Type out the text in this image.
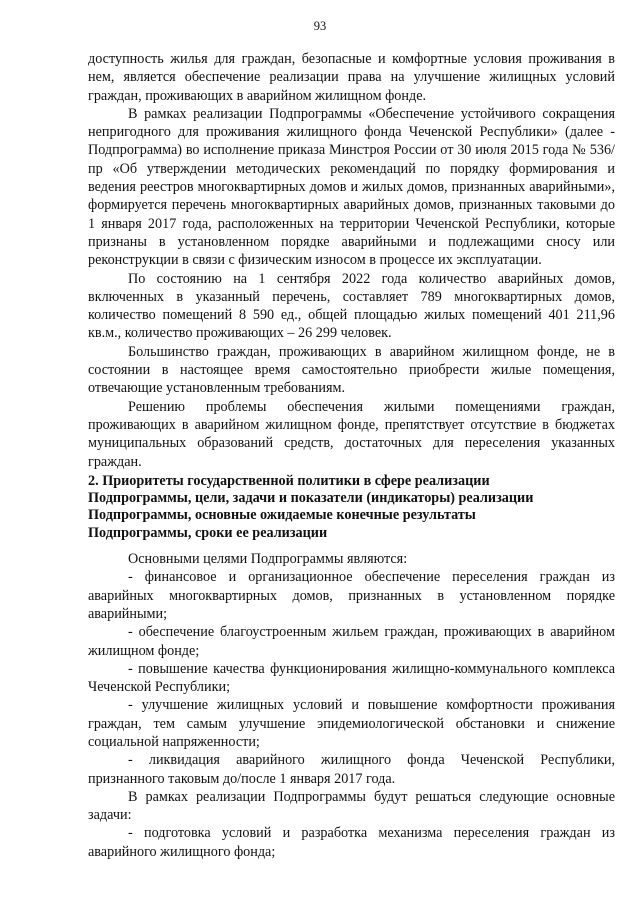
93

доступность жилья для граждан, безопасные и комфортные условия проживания в нем, является обеспечение реализации права на улучшение жилищных условий граждан, проживающих в аварийном жилищном фонде.

В рамках реализации Подпрограммы «Обеспечение устойчивого сокращения непригодного для проживания жилищного фонда Чеченской Республики» (далее - Подпрограмма) во исполнение приказа Минстроя России от 30 июля 2015 года № 536/пр «Об утверждении методических рекомендаций по порядку формирования и ведения реестров многоквартирных домов и жилых домов, признанных аварийными», формируется перечень многоквартирных аварийных домов, признанных таковыми до 1 января 2017 года, расположенных на территории Чеченской Республики, которые признаны в установленном порядке аварийными и подлежащими сносу или реконструкции в связи с физическим износом в процессе их эксплуатации.

По состоянию на 1 сентября 2022 года количество аварийных домов, включенных в указанный перечень, составляет 789 многоквартирных домов, количество помещений 8 590 ед., общей площадью жилых помещений 401 211,96 кв.м., количество проживающих – 26 299 человек.

Большинство граждан, проживающих в аварийном жилищном фонде, не в состоянии в настоящее время самостоятельно приобрести жилые помещения, отвечающие установленным требованиям.

Решению проблемы обеспечения жилыми помещениями граждан, проживающих в аварийном жилищном фонде, препятствует отсутствие в бюджетах муниципальных образований средств, достаточных для переселения указанных граждан.

2. Приоритеты государственной политики в сфере реализации

Подпрограммы, цели, задачи и показатели (индикаторы) реализации

Подпрограммы, основные ожидаемые конечные результаты

Подпрограммы, сроки ее реализации

Основными целями Подпрограммы являются:

- финансовое и организационное обеспечение переселения граждан из аварийных многоквартирных домов, признанных в установленном порядке аварийными;

- обеспечение благоустроенным жильем граждан, проживающих в аварийном жилищном фонде;

- повышение качества функционирования жилищно-коммунального комплекса Чеченской Республики;

- улучшение жилищных условий и повышение комфортности проживания граждан, тем самым улучшение эпидемиологической обстановки и снижение социальной напряженности;

- ликвидация аварийного жилищного фонда Чеченской Республики, признанного таковым до/после 1 января 2017 года.

В рамках реализации Подпрограммы будут решаться следующие основные задачи:

- подготовка условий и разработка механизма переселения граждан из аварийного жилищного фонда;
